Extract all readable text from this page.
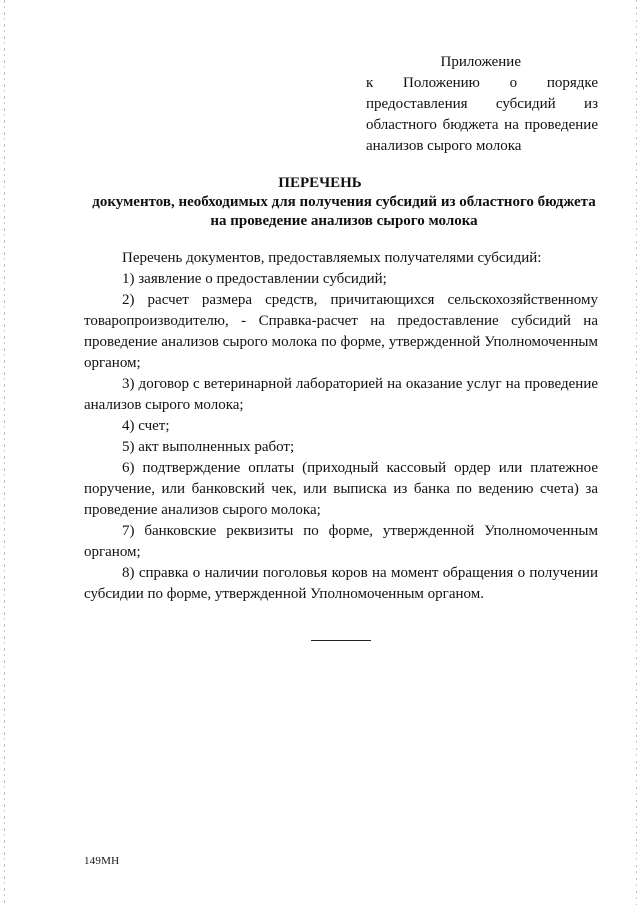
Приложение
к Положению о порядке
предоставления субсидий из
областного бюджета на проведение
анализов сырого молока
ПЕРЕЧЕНЬ
документов, необходимых для получения субсидий из областного бюджета на проведение анализов сырого молока

Перечень документов, предоставляемых получателями субсидий:

1) заявление о предоставлении субсидий;

2) расчет размера средств, причитающихся сельскохозяйственному товаропроизводителю, - Справка-расчет на предоставление субсидий на проведение анализов сырого молока по форме, утвержденной Уполномоченным органом;

3) договор с ветеринарной лабораторией на оказание услуг на проведение анализов сырого молока;

4) счет;

5) акт выполненных работ;

6) подтверждение оплаты (приходный кассовый ордер или платежное поручение, или банковский чек, или выписка из банка по ведению счета) за проведение анализов сырого молока;

7) банковские реквизиты по форме, утвержденной Уполномоченным органом;

8) справка о наличии поголовья коров на момент обращения о получении субсидии по форме, утвержденной Уполномоченным органом.

149МН
